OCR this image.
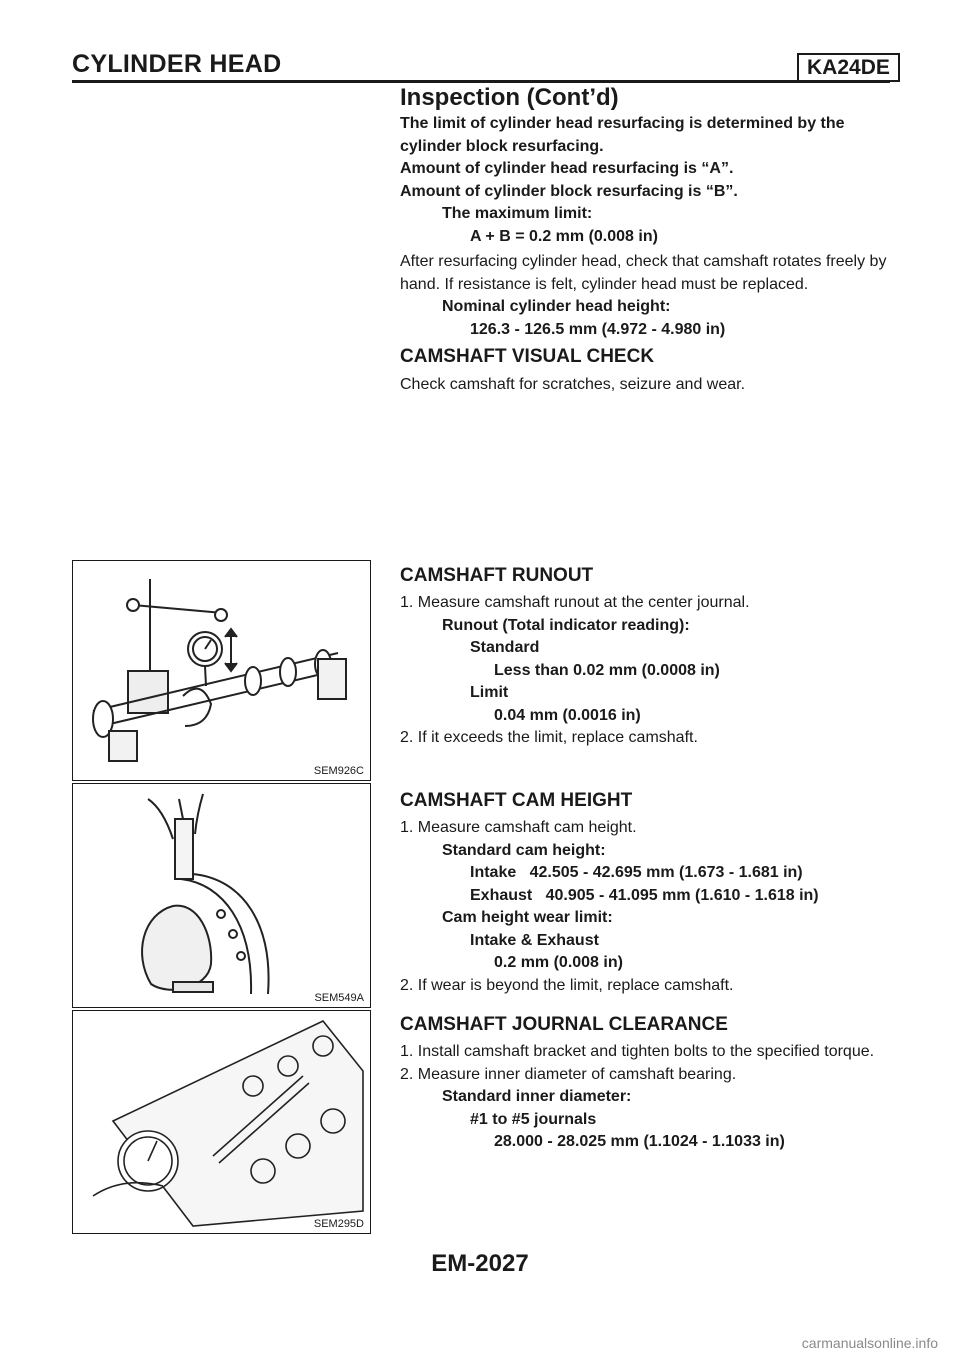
CYLINDER HEAD	KA24DE
Inspection (Cont’d)

The limit of cylinder head resurfacing is determined by the cylinder block resurfacing.

Amount of cylinder head resurfacing is “A”.

Amount of cylinder block resurfacing is “B”.

The maximum limit:

A + B = 0.2 mm (0.008 in)

After resurfacing cylinder head, check that camshaft rotates freely by hand. If resistance is felt, cylinder head must be replaced.

Nominal cylinder head height:

126.3 - 126.5 mm (4.972 - 4.980 in)

CAMSHAFT VISUAL CHECK

Check camshaft for scratches, seizure and wear.

CAMSHAFT RUNOUT

1. Measure camshaft runout at the center journal.

Runout (Total indicator reading):

Standard

Less than 0.02 mm (0.0008 in)

Limit

0.04 mm (0.0016 in)

2. If it exceeds the limit, replace camshaft.

CAMSHAFT CAM HEIGHT

1. Measure camshaft cam height.

Standard cam height:

Intake   42.505 - 42.695 mm (1.673 - 1.681 in)

Exhaust   40.905 - 41.095 mm (1.610 - 1.618 in)

Cam height wear limit:

Intake & Exhaust

0.2 mm (0.008 in)

2. If wear is beyond the limit, replace camshaft.

CAMSHAFT JOURNAL CLEARANCE

1. Install camshaft bracket and tighten bolts to the specified torque.

2. Measure inner diameter of camshaft bearing.

Standard inner diameter:

#1 to #5 journals

28.000 - 28.025 mm (1.1024 - 1.1033 in)

SEM926C
SEM549A
SEM295D
EM-2027
carmanualsonline.info
